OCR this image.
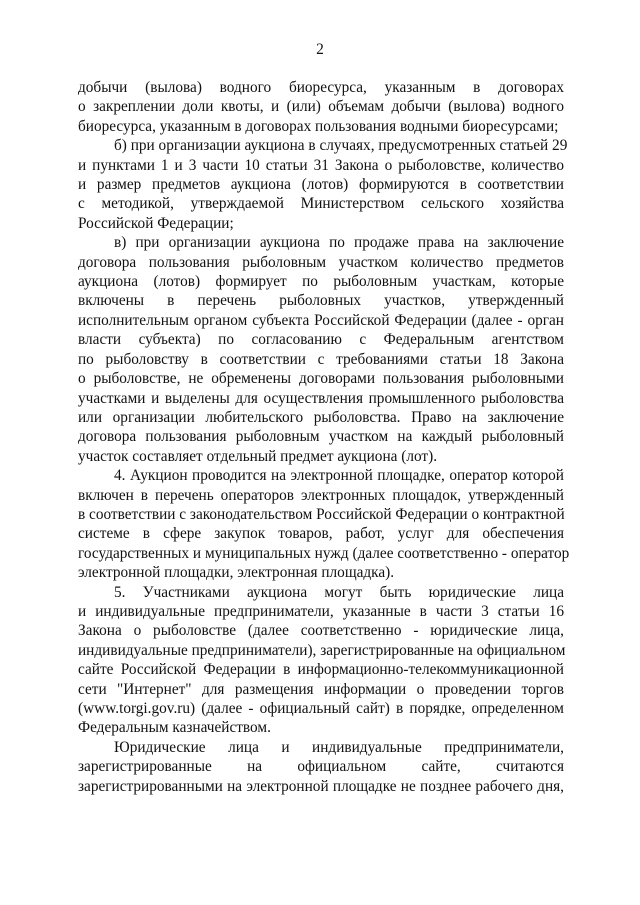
2
добычи (вылова) водного биоресурса, указанным в договорах
о закреплении доли квоты, и (или) объемам добычи (вылова) водного
биоресурса, указанным в договорах пользования водными биоресурсами;
б) при организации аукциона в случаях, предусмотренных статьей 29
и пунктами 1 и 3 части 10 статьи 31 Закона о рыболовстве, количество
и размер предметов аукциона (лотов) формируются в соответствии
с методикой, утверждаемой Министерством сельского хозяйства
Российской Федерации;
в) при организации аукциона по продаже права на заключение
договора пользования рыболовным участком количество предметов
аукциона (лотов) формирует по рыболовным участкам, которые
включены в перечень рыболовных участков, утвержденный
исполнительным органом субъекта Российской Федерации (далее - орган
власти субъекта) по согласованию с Федеральным агентством
по рыболовству в соответствии с требованиями статьи 18 Закона
о рыболовстве, не обременены договорами пользования рыболовными
участками и выделены для осуществления промышленного рыболовства
или организации любительского рыболовства. Право на заключение
договора пользования рыболовным участком на каждый рыболовный
участок составляет отдельный предмет аукциона (лот).
4. Аукцион проводится на электронной площадке, оператор которой
включен в перечень операторов электронных площадок, утвержденный
в соответствии с законодательством Российской Федерации о контрактной
системе в сфере закупок товаров, работ, услуг для обеспечения
государственных и муниципальных нужд (далее соответственно - оператор
электронной площадки, электронная площадка).
5. Участниками аукциона могут быть юридические лица
и индивидуальные предприниматели, указанные в части 3 статьи 16
Закона о рыболовстве (далее соответственно - юридические лица,
индивидуальные предприниматели), зарегистрированные на официальном
сайте Российской Федерации в информационно-телекоммуникационной
сети "Интернет" для размещения информации о проведении торгов
(www.torgi.gov.ru) (далее - официальный сайт) в порядке, определенном
Федеральным казначейством.
Юридические лица и индивидуальные предприниматели,
зарегистрированные на официальном сайте, считаются
зарегистрированными на электронной площадке не позднее рабочего дня,
